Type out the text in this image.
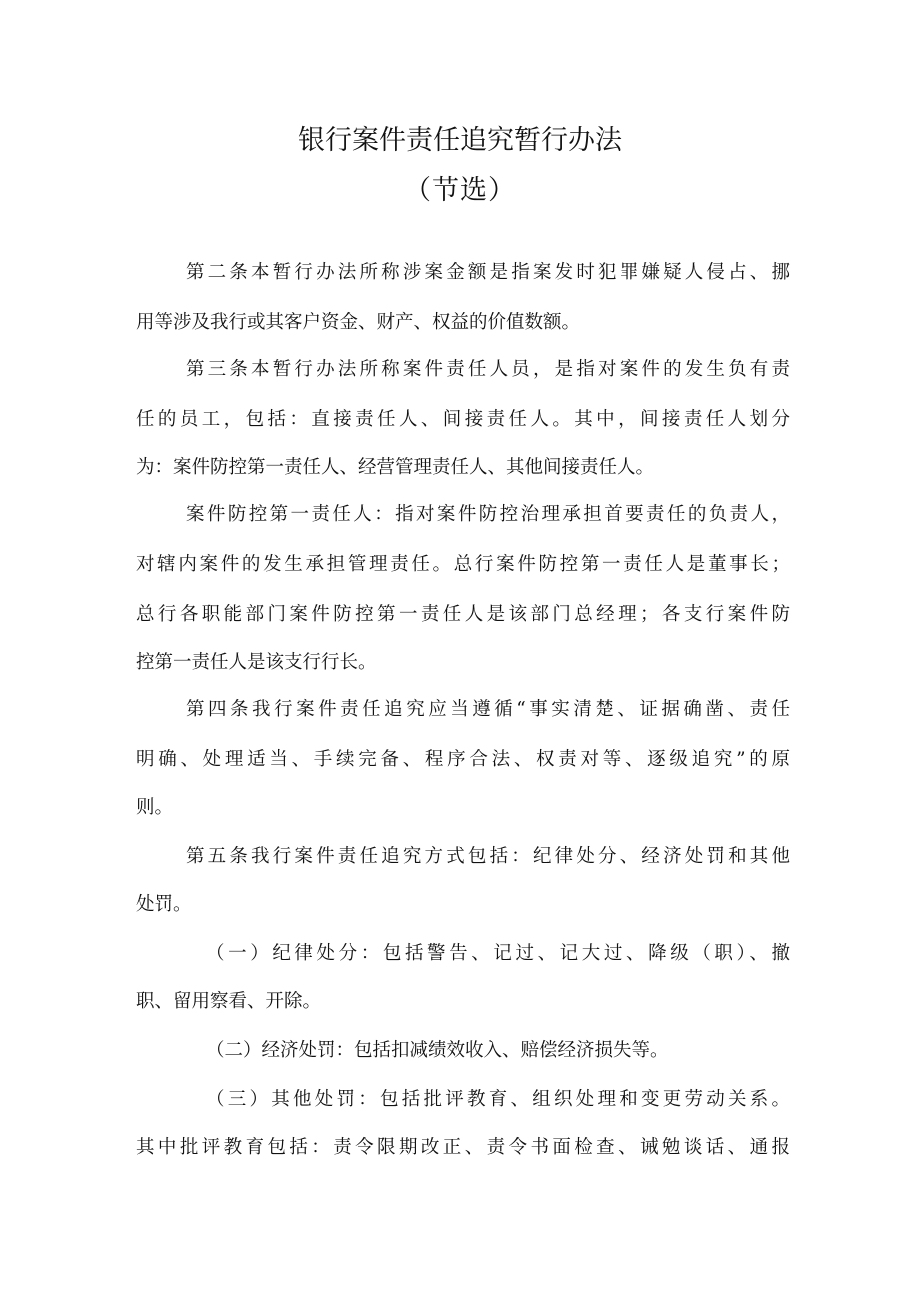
银行案件责任追究暂行办法
（节选）

第二条本暂行办法所称涉案金额是指案发时犯罪嫌疑人侵占、挪

用等涉及我行或其客户资金、财产、权益的价值数额。

第三条本暂行办法所称案件责任人员，是指对案件的发生负有责

任的员工，包括：直接责任人、间接责任人。其中，间接责任人划分

为：案件防控第一责任人、经营管理责任人、其他间接责任人。

案件防控第一责任人：指对案件防控治理承担首要责任的负责人，

对辖内案件的发生承担管理责任。总行案件防控第一责任人是董事长；

总行各职能部门案件防控第一责任人是该部门总经理；各支行案件防

控第一责任人是该支行行长。

第四条我行案件责任追究应当遵循“事实清楚、证据确凿、责任

明确、处理适当、手续完备、程序合法、权责对等、逐级追究”的原

则。

第五条我行案件责任追究方式包括：纪律处分、经济处罚和其他

处罚。

（一）纪律处分：包括警告、记过、记大过、降级（职）、撤

职、留用察看、开除。

（二）经济处罚：包括扣减绩效收入、赔偿经济损失等。

（三）其他处罚：包括批评教育、组织处理和变更劳动关系。

其中批评教育包括：责令限期改正、责令书面检查、诫勉谈话、通报
